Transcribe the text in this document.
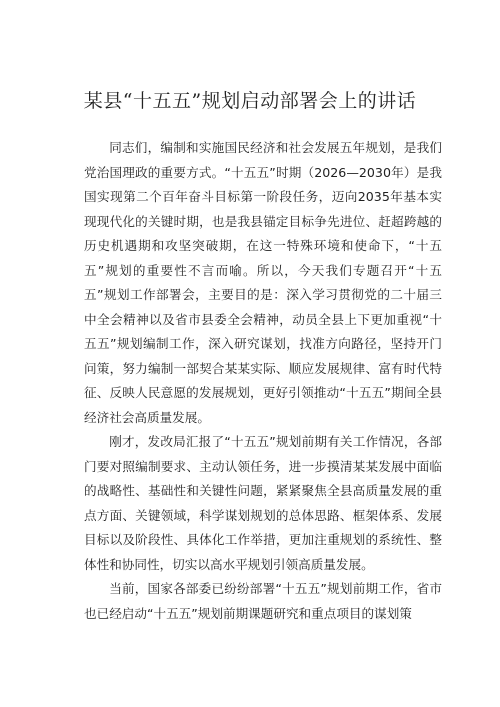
某县“十五五”规划启动部署会上的讲话

同志们，编制和实施国民经济和社会发展五年规划，是我们党治国理政的重要方式。“十五五”时期（2026—2030年）是我国实现第二个百年奋斗目标第一阶段任务，迈向2035年基本实现现代化的关键时期，也是我县锚定目标争先进位、赶超跨越的历史机遇期和攻坚突破期，在这一特殊环境和使命下，“十五五”规划的重要性不言而喻。所以，今天我们专题召开“十五五”规划工作部署会，主要目的是：深入学习贯彻党的二十届三中全会精神以及省市县委全会精神，动员全县上下更加重视“十五五”规划编制工作，深入研究谋划，找准方向路径，坚持开门问策，努力编制一部契合某某实际、顺应发展规律、富有时代特征、反映人民意愿的发展规划，更好引领推动“十五五”期间全县经济社会高质量发展。

刚才，发改局汇报了“十五五”规划前期有关工作情况，各部门要对照编制要求、主动认领任务，进一步摸清某某发展中面临的战略性、基础性和关键性问题，紧紧聚焦全县高质量发展的重点方面、关键领域，科学谋划规划的总体思路、框架体系、发展目标以及阶段性、具体化工作举措，更加注重规划的系统性、整体性和协同性，切实以高水平规划引领高质量发展。

当前，国家各部委已纷纷部署“十五五”规划前期工作，省市也已经启动“十五五”规划前期课题研究和重点项目的谋划策
